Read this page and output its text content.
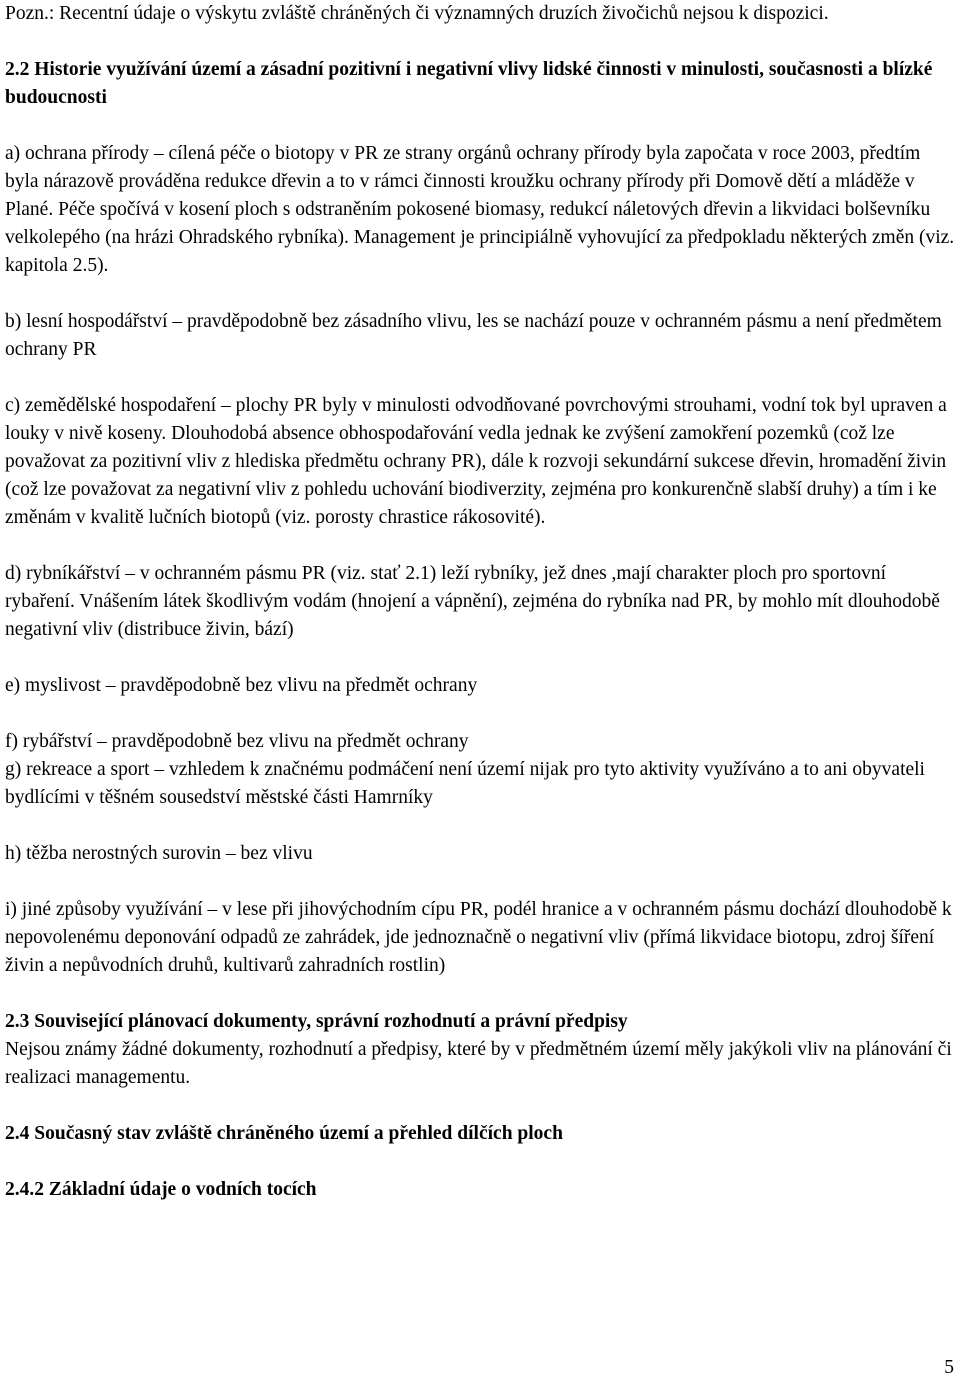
Pozn.: Recentní údaje o výskytu zvláště chráněných či významných druzích živočichů nejsou k dispozici.

2.2 Historie využívání území a zásadní pozitivní i negativní vlivy lidské činnosti v minulosti, současnosti a blízké budoucnosti

a) ochrana přírody – cílená péče o biotopy v PR ze strany orgánů ochrany přírody byla započata v roce 2003, předtím byla nárazově prováděna redukce dřevin a to v rámci činnosti kroužku ochrany přírody při Domově dětí a mláděže v Plané. Péče spočívá v kosení ploch s odstraněním pokosené biomasy, redukcí náletových dřevin a likvidaci bolševníku velkolepého (na hrázi Ohradského rybníka). Management je principiálně vyhovující za předpokladu některých změn (viz. kapitola 2.5).

b) lesní hospodářství – pravděpodobně bez zásadního vlivu, les se nachází pouze v ochranném pásmu a není předmětem ochrany PR

c) zemědělské hospodaření – plochy PR byly v minulosti odvodňované povrchovými strouhami, vodní tok byl upraven a louky v nivě koseny. Dlouhodobá absence obhospodařování vedla jednak ke zvýšení zamokření pozemků (což lze považovat za pozitivní vliv z hlediska předmětu ochrany PR), dále k rozvoji sekundární sukcese dřevin, hromadění živin (což lze považovat za negativní vliv z pohledu uchování biodiverzity, zejména pro konkurenčně slabší druhy) a tím i ke změnám v kvalitě lučních biotopů (viz. porosty chrastice rákosovité).

d) rybníkářství – v ochranném pásmu PR (viz. stať 2.1) leží rybníky, jež dnes ,mají charakter ploch pro sportovní rybaření. Vnášením látek škodlivým vodám (hnojení a vápnění), zejména do rybníka nad PR, by mohlo mít dlouhodobě negativní vliv (distribuce živin, bází)

e) myslivost – pravděpodobně bez vlivu na předmět ochrany

f) rybářství – pravděpodobně bez vlivu na předmět ochrany

g) rekreace a sport – vzhledem k značnému podmáčení není území nijak pro tyto aktivity využíváno a to ani obyvateli bydlícími v těšném sousedství městské části Hamrníky

h) těžba nerostných surovin – bez vlivu

i) jiné způsoby využívání – v lese při jihovýchodním cípu PR, podél hranice a v ochranném pásmu dochází dlouhodobě k nepovolenému deponování odpadů ze zahrádek, jde jednoznačně o negativní vliv (přímá likvidace biotopu, zdroj šíření živin a nepůvodních druhů, kultivarů zahradních rostlin)

2.3 Související plánovací dokumenty, správní rozhodnutí a právní předpisy

Nejsou známy žádné dokumenty, rozhodnutí a předpisy, které by v předmětném území měly jakýkoli vliv na plánování či realizaci managementu.

2.4 Současný stav zvláště chráněného území a přehled dílčích ploch

2.4.2 Základní údaje o vodních tocích

5
